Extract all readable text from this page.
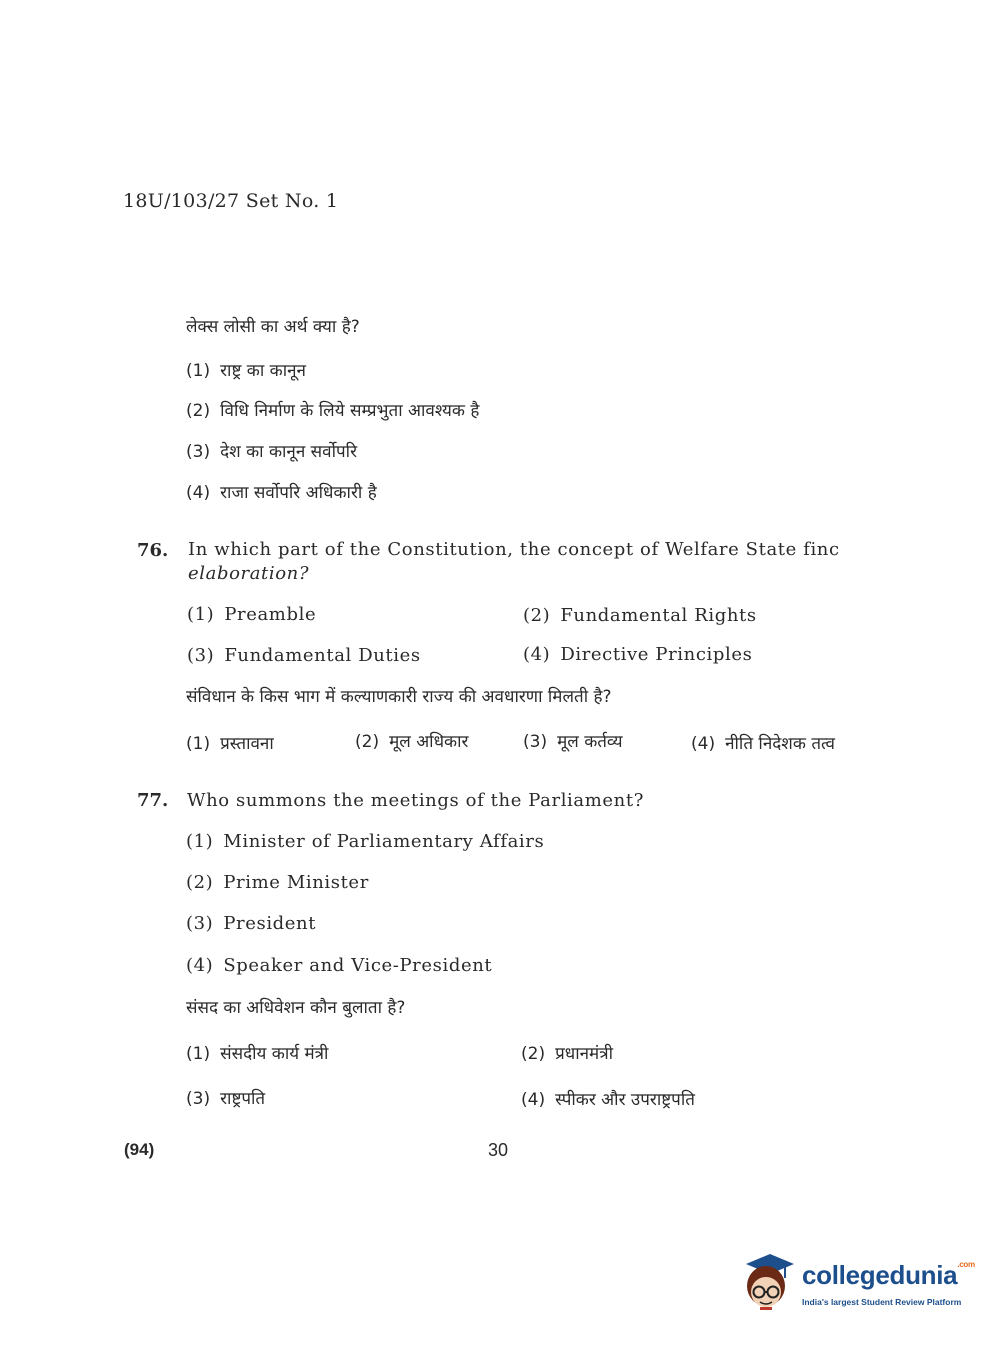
18U/103/27 Set No. 1
लेक्स लोसी का अर्थ क्या है?
(1) राष्ट्र का कानून
(2) विधि निर्माण के लिये सम्प्रभुता आवश्यक है
(3) देश का कानून सर्वोपरि
(4) राजा सर्वोपरि अधिकारी है
76. In which part of the Constitution, the concept of Welfare State finc
elaboration?
(1) Preamble	(2) Fundamental Rights
(3) Fundamental Duties	(4) Directive Principles
संविधान के किस भाग में कल्याणकारी राज्य की अवधारणा मिलती है?
(1) प्रस्तावना	(2) मूल अधिकार	(3) मूल कर्तव्य	(4) नीति निदेशक तत्व
77. Who summons the meetings of the Parliament?
(1) Minister of Parliamentary Affairs
(2) Prime Minister
(3) President
(4) Speaker and Vice-President
संसद का अधिवेशन कौन बुलाता है?
(1) संसदीय कार्य मंत्री	(2) प्रधानमंत्री
(3) राष्ट्रपति	(4) स्पीकर और उपराष्ट्रपति
(94)	30
collegedunia$^{.com}$
India's largest Student Review Platform
